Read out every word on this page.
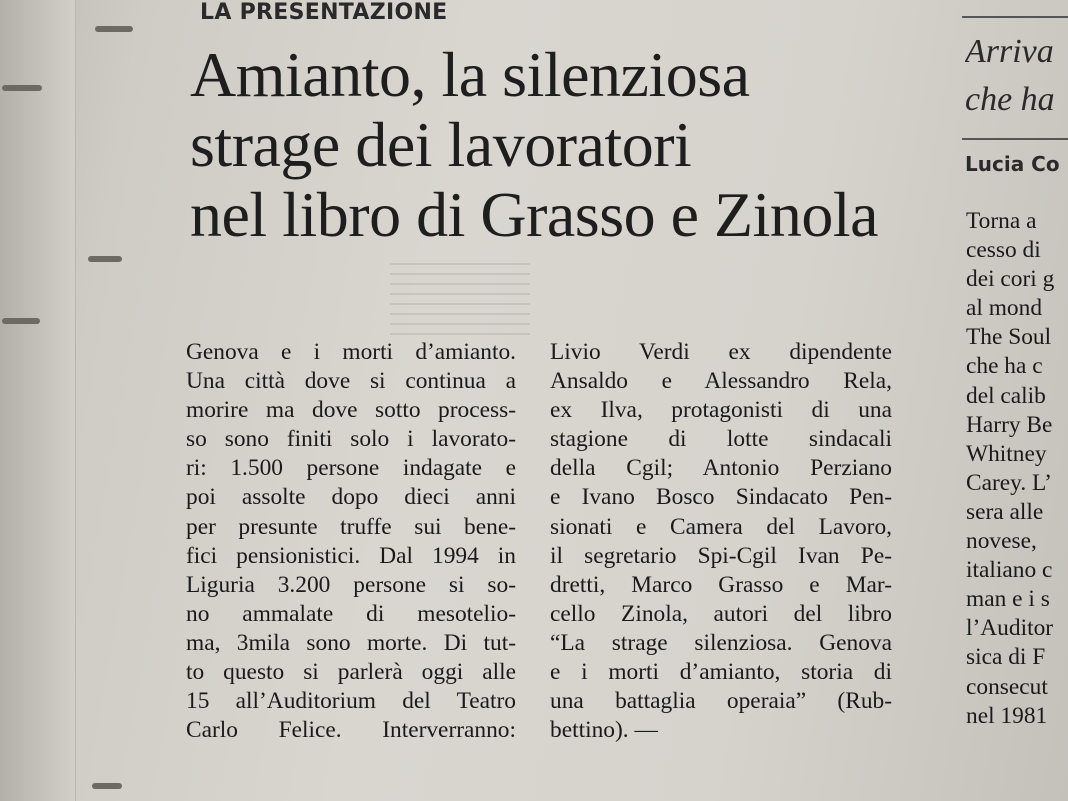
LA PRESENTAZIONE
Amianto, la silenziosa
strage dei lavoratori
nel libro di Grasso e Zinola
Genova e i morti d’amianto.
Una città dove si continua a
morire ma dove sotto process-
so sono finiti solo i lavorato-
ri: 1.500 persone indagate e
poi assolte dopo dieci anni
per presunte truffe sui bene-
fici pensionistici. Dal 1994 in
Liguria 3.200 persone si so-
no ammalate di mesotelio-
ma, 3mila sono morte. Di tut-
to questo si parlerà oggi alle
15 all’Auditorium del Teatro
Carlo Felice. Interverranno:
Livio Verdi ex dipendente
Ansaldo e Alessandro Rela,
ex Ilva, protagonisti di una
stagione di lotte sindacali
della Cgil; Antonio Perziano
e Ivano Bosco Sindacato Pen-
sionati e Camera del Lavoro,
il segretario Spi-Cgil Ivan Pe-
dretti, Marco Grasso e Mar-
cello Zinola, autori del libro
“La strage silenziosa. Genova
e i morti d’amianto, storia di
una battaglia operaia” (Rub-
bettino). —
Arriva
che ha
Lucia Co
Torna a
cesso di
dei cori g
al mond
The Soul
che ha c
del calib
Harry Be
Whitney
Carey. L’
sera alle
novese,
italiano c
man e i s
l’Auditor
sica di F
consecut
nel 1981
